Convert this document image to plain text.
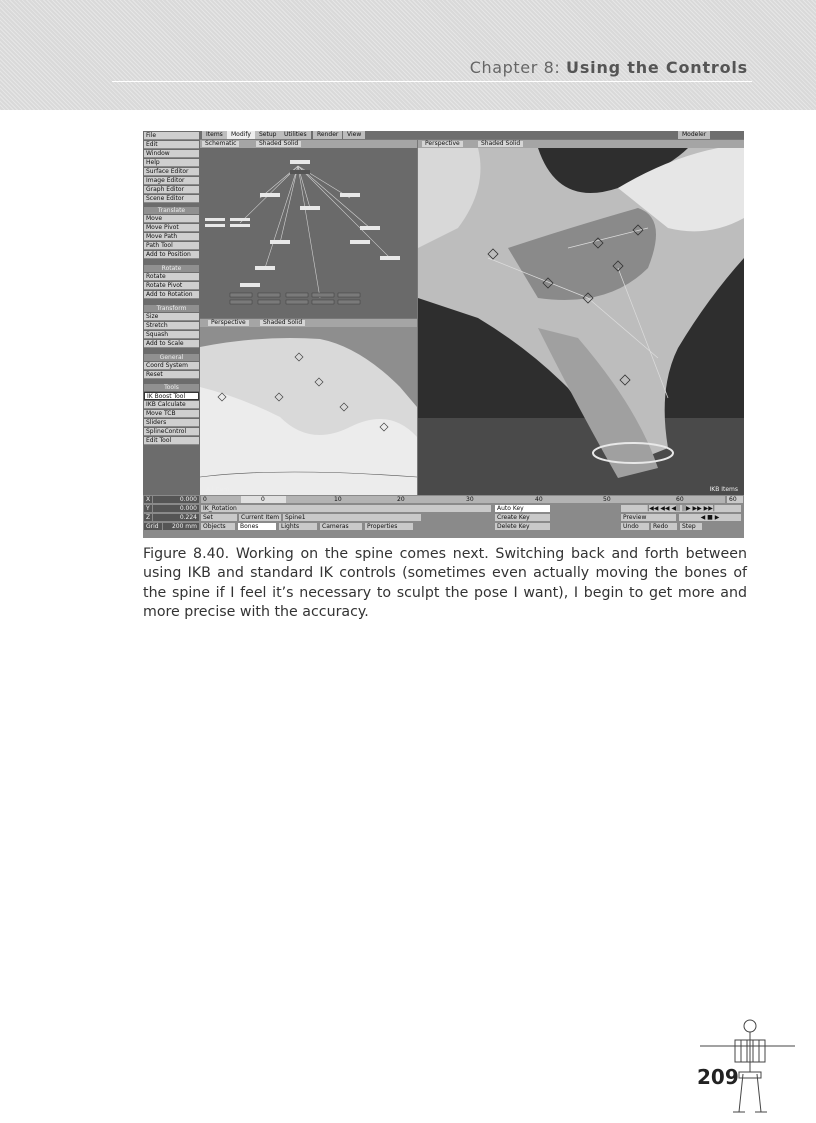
Chapter 8: Using the Controls
File
Edit
Window
Help
Surface Editor
Image Editor
Graph Editor
Scene Editor
Translate
Move
Move Pivot
Move Path
Path Tool
Add to Position
Rotate
Rotate
Rotate Pivot
Add to Rotation
Transform
Size
Stretch
Squash
Add to Scale
General
Coord System
Reset
Tools
IK Boost Tool
IKB Calculate
Move TCB
Sliders
SplineControl
Edit Tool
Items	Modify	Setup	Utilities	Render	View	Modeler
Schematic	Shaded Solid
Perspective	Shaded Solid
All Item
Perspective	Shaded Solid
IKB Items
X	0.000	0	0	10	20	30	40	50	60	60
Y	0.000	IK_Rotation	Auto Key	|◀◀ ◀◀ ◀|| ||▶ ▶▶ ▶▶|
Z	0.224	Set	Current Item Spine1	Create Key	Preview	◀ ■ ▶
Grid	200 mm	Objects	Bones	Lights	Cameras	Properties	Delete Key	Undo	Redo	Step
Figure 8.40. Working on the spine comes next. Switching back and forth between using IKB and standard IK controls (sometimes even actually moving the bones of the spine if I feel it’s necessary to sculpt the pose I want), I begin to get more and more precise with the accuracy.
209
